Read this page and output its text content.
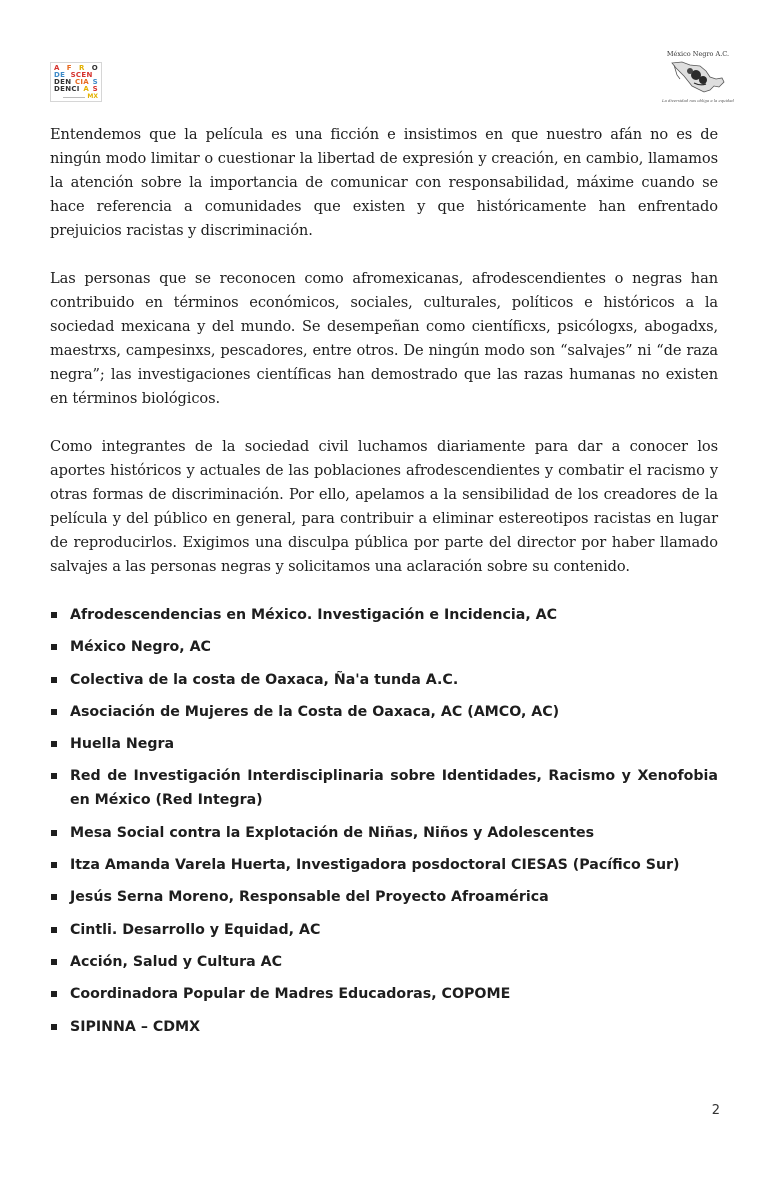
A F R O
DE SCEN
DEN CIA S
DENCI A S
MX
México Negro A.C.
La diversidad nos obliga a la equidad

Entendemos que la película es una ficción e insistimos en que nuestro afán no es de ningún modo limitar o cuestionar la libertad de expresión y creación, en cambio, llamamos la atención sobre la importancia de comunicar con responsabilidad, máxime cuando se hace referencia a comunidades que existen y que históricamente han enfrentado prejuicios racistas y discriminación.

Las personas que se reconocen como afromexicanas, afrodescendientes o negras han contribuido en términos económicos, sociales, culturales, políticos e históricos a la sociedad mexicana y del mundo. Se desempeñan como científicxs, psicólogxs, abogadxs, maestrxs, campesinxs, pescadores, entre otros. De ningún modo son “salvajes” ni “de raza negra”; las investigaciones científicas han demostrado que las razas humanas no existen en términos biológicos.

Como integrantes de la sociedad civil luchamos diariamente para dar a conocer los aportes históricos y actuales de las poblaciones afrodescendientes y combatir el racismo y otras formas de discriminación. Por ello, apelamos a la sensibilidad de los creadores de la película y del público en general, para contribuir a eliminar estereotipos racistas en lugar de reproducirlos. Exigimos una disculpa pública por parte del director por haber llamado salvajes a las personas negras y solicitamos una aclaración sobre su contenido.

Afrodescendencias en México. Investigación e Incidencia, AC
México Negro, AC
Colectiva de la costa de Oaxaca, Ña'a tunda A.C.
Asociación de Mujeres de la Costa de Oaxaca, AC (AMCO, AC)
Huella Negra
Red de Investigación Interdisciplinaria sobre Identidades, Racismo y Xenofobia en México (Red Integra)
Mesa Social contra la Explotación de Niñas, Niños y Adolescentes
Itza Amanda Varela Huerta, Investigadora posdoctoral CIESAS (Pacífico Sur)
Jesús Serna Moreno, Responsable del Proyecto Afroamérica
Cintli. Desarrollo y Equidad, AC
Acción, Salud y Cultura AC
Coordinadora Popular de Madres Educadoras, COPOME
SIPINNA – CDMX
2
